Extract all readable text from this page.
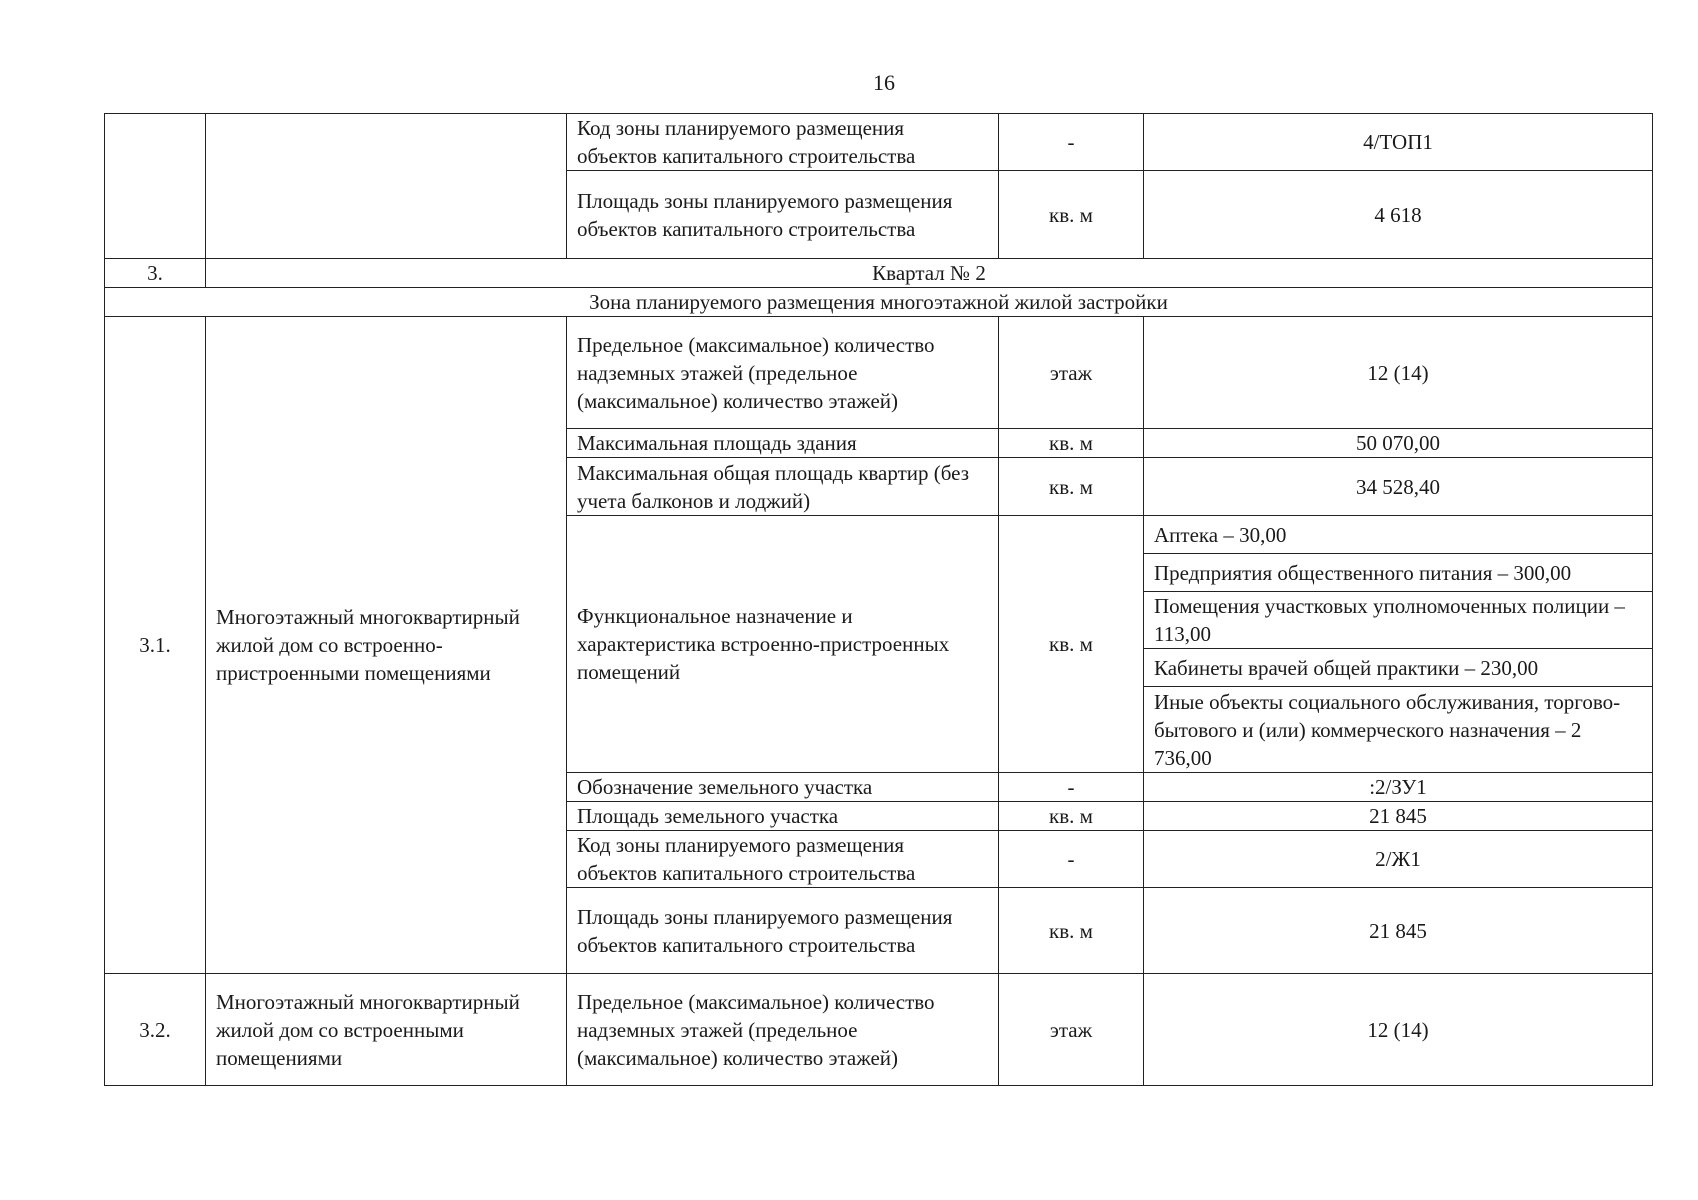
16
		Код зоны планируемого размещения объектов капитального строительства	-	4/ТОП1
		Площадь зоны планируемого размещения объектов капитального строительства	кв. м	4 618
3.	Квартал № 2			
Зона планируемого размещения многоэтажной жилой застройки				
3.1.	Многоэтажный многоквартирный жилой дом со встроенно-пристроенными помещениями	Предельное (максимальное) количество надземных этажей (предельное (максимальное) количество этажей)	этаж	12 (14)
		Максимальная площадь здания	кв. м	50 070,00
		Максимальная общая площадь квартир (без учета балконов и лоджий)	кв. м	34 528,40
		Функциональное назначение и характеристика встроенно-пристроенных помещений	кв. м	Аптека – 30,00
				Предприятия общественного питания – 300,00
				Помещения участковых уполномоченных полиции – 113,00
				Кабинеты врачей общей практики – 230,00
				Иные объекты социального обслуживания, торгово-бытового и (или) коммерческого назначения – 2 736,00
		Обозначение земельного участка	-	:2/ЗУ1
		Площадь земельного участка	кв. м	21 845
		Код зоны планируемого размещения объектов капитального строительства	-	2/Ж1
		Площадь зоны планируемого размещения объектов капитального строительства	кв. м	21 845
3.2.	Многоэтажный многоквартирный жилой дом со встроенными помещениями	Предельное (максимальное) количество надземных этажей (предельное (максимальное) количество этажей)	этаж	12 (14)
